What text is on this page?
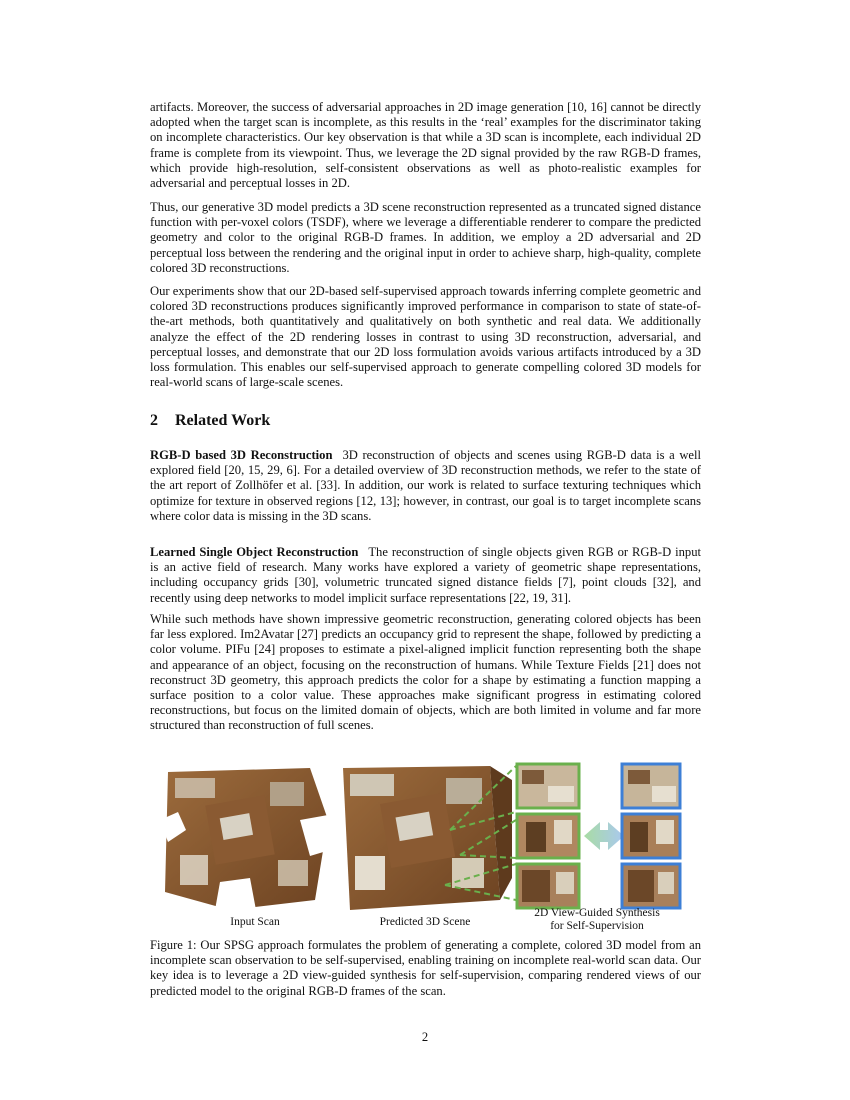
artifacts. Moreover, the success of adversarial approaches in 2D image generation [10, 16] cannot be directly adopted when the target scan is incomplete, as this results in the ‘real’ examples for the discriminator taking on incomplete characteristics. Our key observation is that while a 3D scan is incomplete, each individual 2D frame is complete from its viewpoint. Thus, we leverage the 2D signal provided by the raw RGB-D frames, which provide high-resolution, self-consistent observations as well as photo-realistic examples for adversarial and perceptual losses in 2D.

Thus, our generative 3D model predicts a 3D scene reconstruction represented as a truncated signed distance function with per-voxel colors (TSDF), where we leverage a differentiable renderer to compare the predicted geometry and color to the original RGB-D frames. In addition, we employ a 2D adversarial and 2D perceptual loss between the rendering and the original input in order to achieve sharp, high-quality, complete colored 3D reconstructions.

Our experiments show that our 2D-based self-supervised approach towards inferring complete geometric and colored 3D reconstructions produces significantly improved performance in comparison to state of state-of-the-art methods, both quantitatively and qualitatively on both synthetic and real data. We additionally analyze the effect of the 2D rendering losses in contrast to using 3D reconstruction, adversarial, and perceptual losses, and demonstrate that our 2D loss formulation avoids various artifacts introduced by a 3D loss formulation. This enables our self-supervised approach to generate compelling colored 3D models for real-world scans of large-scale scenes.

2 Related Work

RGB-D based 3D Reconstruction 3D reconstruction of objects and scenes using RGB-D data is a well explored field [20, 15, 29, 6]. For a detailed overview of 3D reconstruction methods, we refer to the state of the art report of Zollhöfer et al. [33]. In addition, our work is related to surface texturing techniques which optimize for texture in observed regions [12, 13]; however, in contrast, our goal is to target incomplete scans where color data is missing in the 3D scans.

Learned Single Object Reconstruction The reconstruction of single objects given RGB or RGB-D input is an active field of research. Many works have explored a variety of geometric shape representations, including occupancy grids [30], volumetric truncated signed distance fields [7], point clouds [32], and recently using deep networks to model implicit surface representations [22, 19, 31].

While such methods have shown impressive geometric reconstruction, generating colored objects has been far less explored. Im2Avatar [27] predicts an occupancy grid to represent the shape, followed by predicting a color volume. PIFu [24] proposes to estimate a pixel-aligned implicit function representing both the shape and appearance of an object, focusing on the reconstruction of humans. While Texture Fields [21] does not reconstruct 3D geometry, this approach predicts the color for a shape by estimating a function mapping a surface position to a color value. These approaches make significant progress in estimating colored reconstructions, but focus on the limited domain of objects, which are both limited in volume and far more structured than reconstruction of full scenes.

Input Scan	Predicted 3D Scene
2D View-Guided Synthesis
for Self-Supervision

Figure 1: Our SPSG approach formulates the problem of generating a complete, colored 3D model from an incomplete scan observation to be self-supervised, enabling training on incomplete real-world scan data. Our key idea is to leverage a 2D view-guided synthesis for self-supervision, comparing rendered views of our predicted model to the original RGB-D frames of the scan.

2
